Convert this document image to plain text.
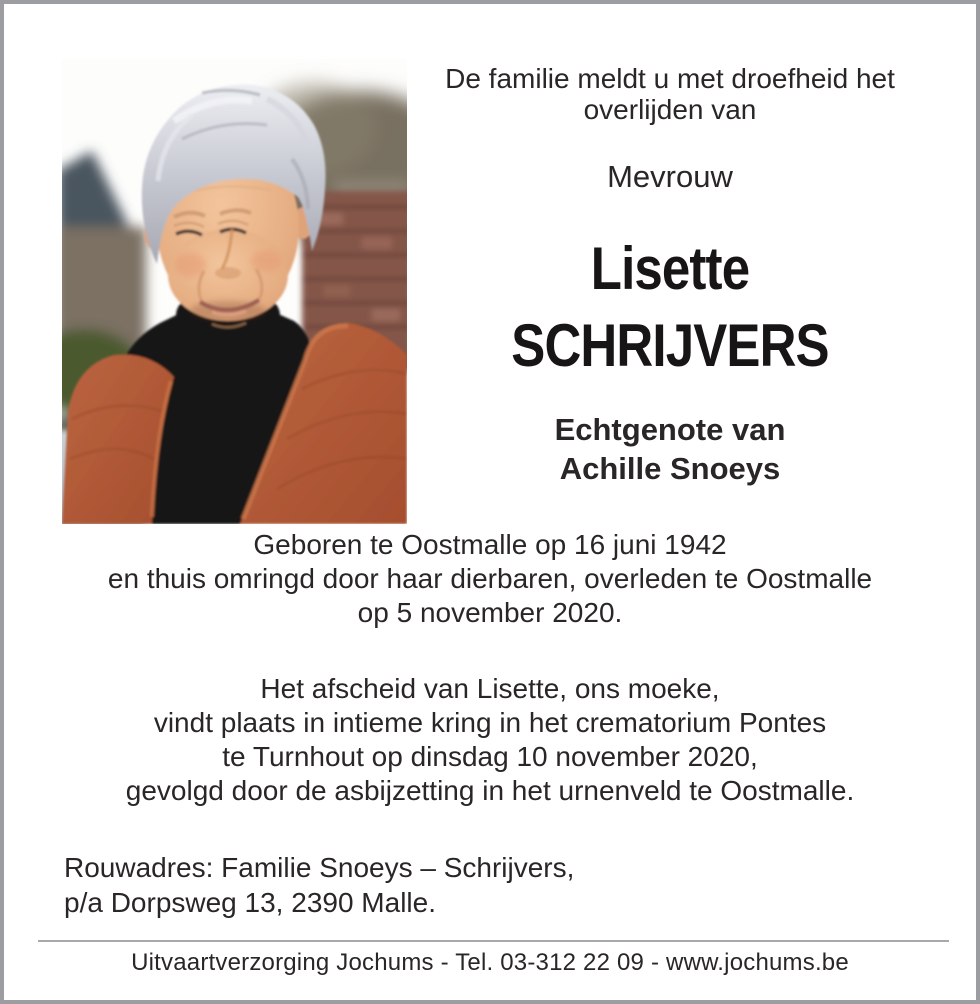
De familie meldt u met droefheid het
overlijden van
Mevrouw
Lisette
SCHRIJVERS
Echtgenote van
Achille Snoeys
Geboren te Oostmalle op 16 juni 1942
en thuis omringd door haar dierbaren, overleden te Oostmalle
op 5 november 2020.
Het afscheid van Lisette, ons moeke,
vindt plaats in intieme kring in het crematorium Pontes
te Turnhout op dinsdag 10 november 2020,
gevolgd door de asbijzetting in het urnenveld te Oostmalle.
Rouwadres: Familie Snoeys – Schrijvers,
p/a Dorpsweg 13, 2390 Malle.
Uitvaartverzorging Jochums - Tel. 03-312 22 09 - www.jochums.be
